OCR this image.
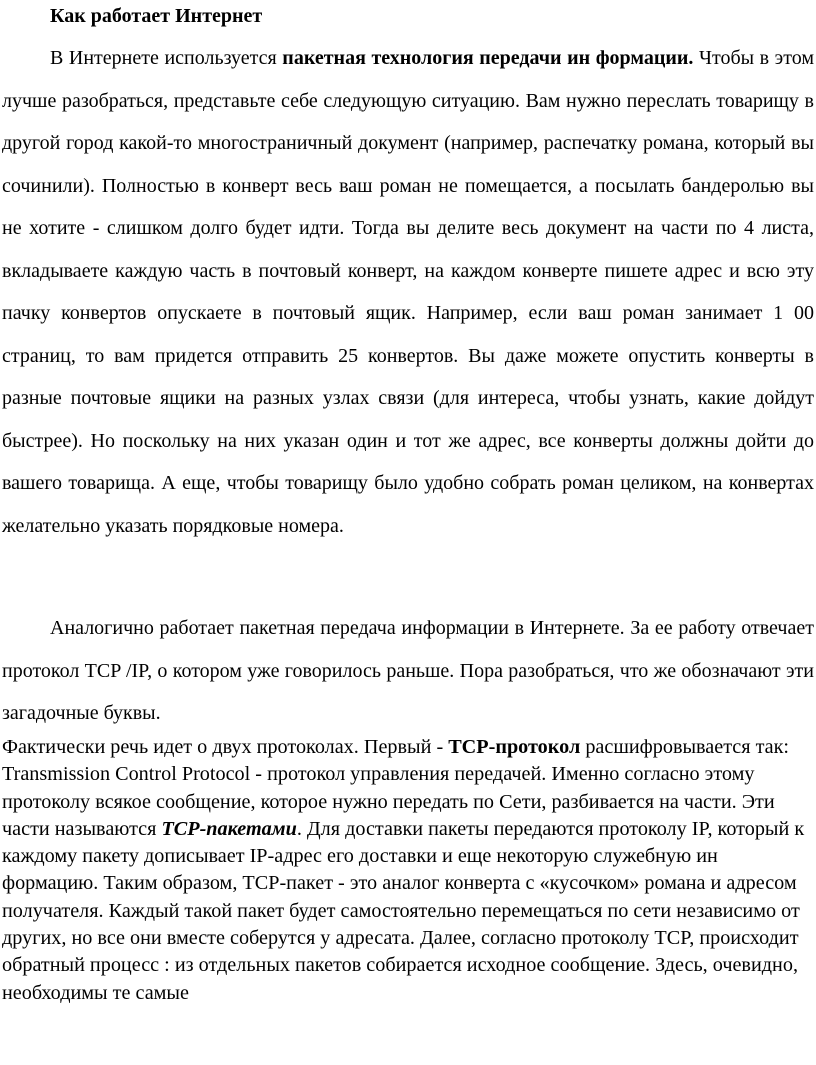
Как работает Интернет

В Интернете используется пакетная технология передачи ин формации. Чтобы в этом лучше разобраться, представьте себе следующую ситуацию. Вам нужно переслать товарищу в другой город какой-то многостраничный документ (например, распечатку романа, который вы сочинили). Полностью в конверт весь ваш роман не помещается, а посылать бандеролью вы не хотите - слишком долго будет идти. Тогда вы делите весь документ на части по 4 листа, вкладываете каждую часть в почтовый конверт, на каждом конверте пишете адрес и всю эту пачку конвертов опускаете в почтовый ящик. Например, если ваш роман занимает 1 00 страниц, то вам придется отправить 25 конвертов. Вы даже можете опустить конверты в разные почтовые ящики на разных узлах связи (для интереса, чтобы узнать, какие дойдут быстрее). Но поскольку на них указан один и тот же адрес, все конверты должны дойти до вашего товарища. А еще, чтобы товарищу было удобно собрать роман целиком, на конвертах желательно указать порядковые номера.

Аналогично работает пакетная передача информации в Интернете. За ее работу отвечает протокол TCP /IP, о котором уже говорилось раньше. Пора разобраться, что же обозначают эти загадочные буквы.

Фактически речь идет о двух протоколах. Первый - TCP-протокол расшифровывается так: Transmission Control Protocol - протокол управления передачей. Именно согласно этому протоколу всякое сообщение, которое нужно передать по Сети, разбивается на части. Эти части называются TCP-пакетами. Для доставки пакеты передаются протоколу IP, который к каждому пакету дописывает IP-адрес его доставки и еще некоторую служебную ин формацию. Таким образом, TCP-пакет - это аналог конверта с «кусочком» романа и адресом получателя. Каждый такой пакет будет самостоятельно перемещаться по сети независимо от других, но все они вместе соберутся у адресата. Далее, согласно протоколу TCP, происходит обратный процесс : из отдельных пакетов собирается исходное сообщение. Здесь, очевидно, необходимы те самые
